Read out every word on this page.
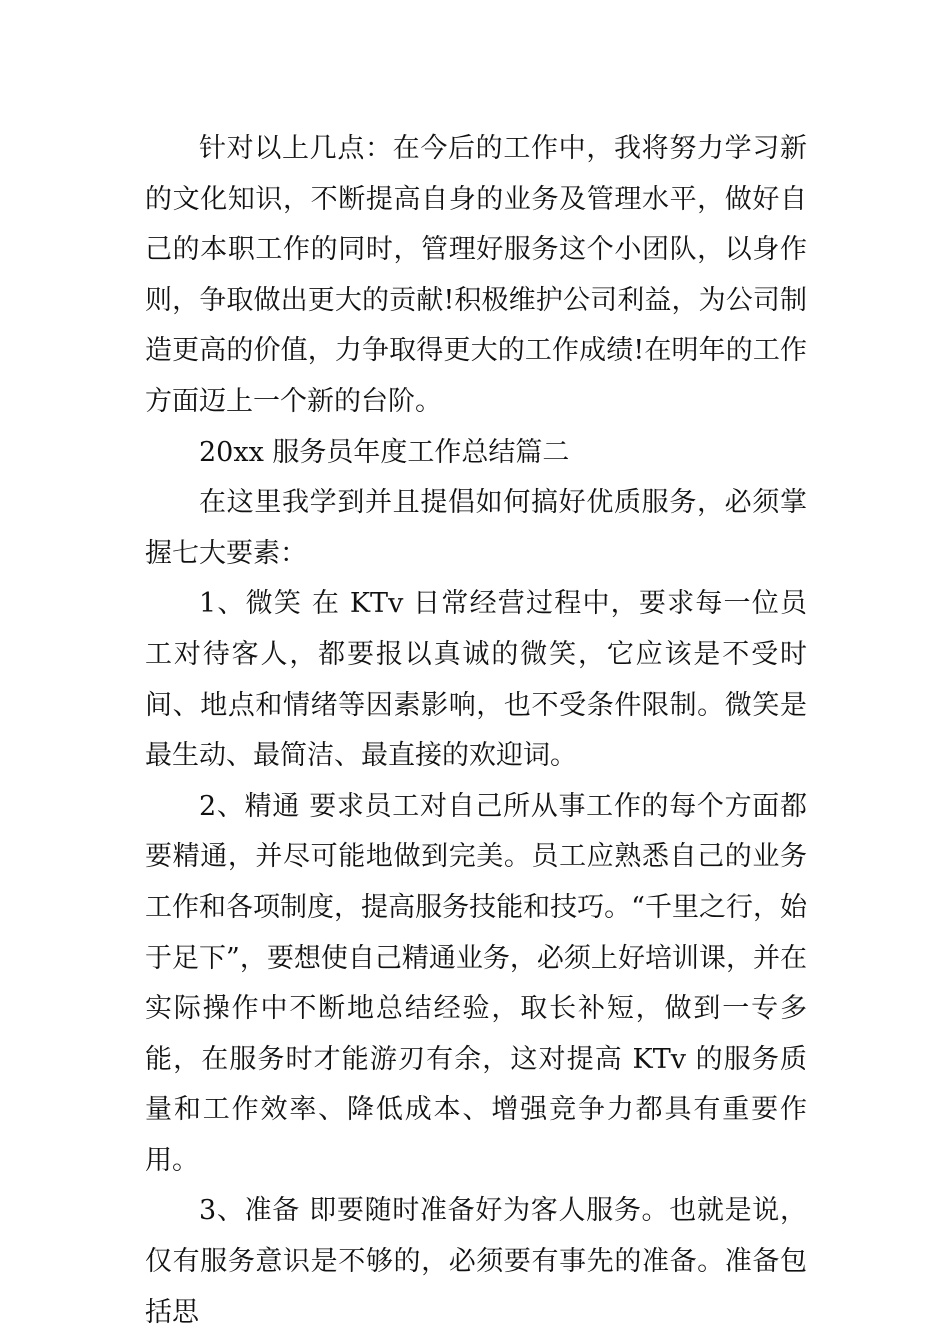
针对以上几点：在今后的工作中，我将努力学习新的文化知识，不断提高自身的业务及管理水平，做好自己的本职工作的同时，管理好服务这个小团队，以身作则，争取做出更大的贡献!积极维护公司利益，为公司制造更高的价值，力争取得更大的工作成绩!在明年的工作方面迈上一个新的台阶。

20xx 服务员年度工作总结篇二

在这里我学到并且提倡如何搞好优质服务，必须掌握七大要素：

1、微笑 在 KTv 日常经营过程中，要求每一位员工对待客人，都要报以真诚的微笑，它应该是不受时间、地点和情绪等因素影响，也不受条件限制。微笑是最生动、最简洁、最直接的欢迎词。

2、精通 要求员工对自己所从事工作的每个方面都要精通，并尽可能地做到完美。员工应熟悉自己的业务工作和各项制度，提高服务技能和技巧。“千里之行，始于足下”，要想使自己精通业务，必须上好培训课，并在实际操作中不断地总结经验，取长补短，做到一专多能，在服务时才能游刃有余，这对提高 KTv 的服务质量和工作效率、降低成本、增强竞争力都具有重要作用。

3、准备 即要随时准备好为客人服务。也就是说，仅有服务意识是不够的，必须要有事先的准备。准备包括思
